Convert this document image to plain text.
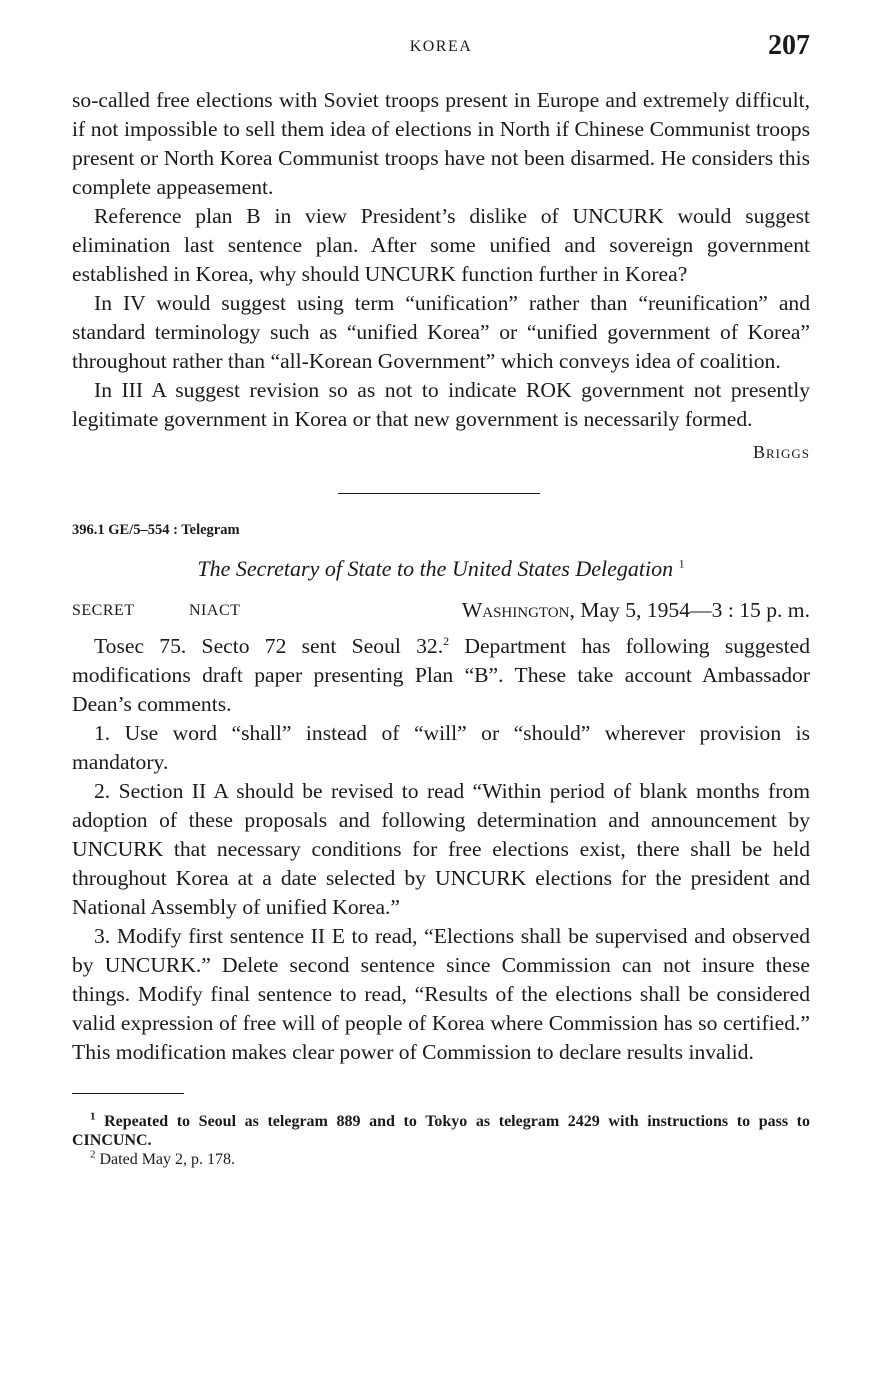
KOREA	207

so-called free elections with Soviet troops present in Europe and extremely difficult, if not impossible to sell them idea of elections in North if Chinese Communist troops present or North Korea Communist troops have not been disarmed. He considers this complete appeasement.

Reference plan B in view President’s dislike of UNCURK would suggest elimination last sentence plan. After some unified and sovereign government established in Korea, why should UNCURK function further in Korea?

In IV would suggest using term “unification” rather than “reunification” and standard terminology such as “unified Korea” or “unified government of Korea” throughout rather than “all-Korean Government” which conveys idea of coalition.

In III A suggest revision so as not to indicate ROK government not presently legitimate government in Korea or that new government is necessarily formed.

Briggs
396.1 GE/5–554 : Telegram
The Secretary of State to the United States Delegation $^1$
SECRET	NIACT	Washington, May 5, 1954—3 : 15 p. m.

Tosec 75. Secto 72 sent Seoul 32.$^2$ Department has following suggested modifications draft paper presenting Plan “B”. These take account Ambassador Dean’s comments.

1. Use word “shall” instead of “will” or “should” wherever provision is mandatory.

2. Section II A should be revised to read “Within period of blank months from adoption of these proposals and following determination and announcement by UNCURK that necessary conditions for free elections exist, there shall be held throughout Korea at a date selected by UNCURK elections for the president and National Assembly of unified Korea.”

3. Modify first sentence II E to read, “Elections shall be supervised and observed by UNCURK.” Delete second sentence since Commission can not insure these things. Modify final sentence to read, “Results of the elections shall be considered valid expression of free will of people of Korea where Commission has so certified.” This modification makes clear power of Commission to declare results invalid.

$^1$ Repeated to Seoul as telegram 889 and to Tokyo as telegram 2429 with instructions to pass to CINCUNC.
$^2$ Dated May 2, p. 178.
